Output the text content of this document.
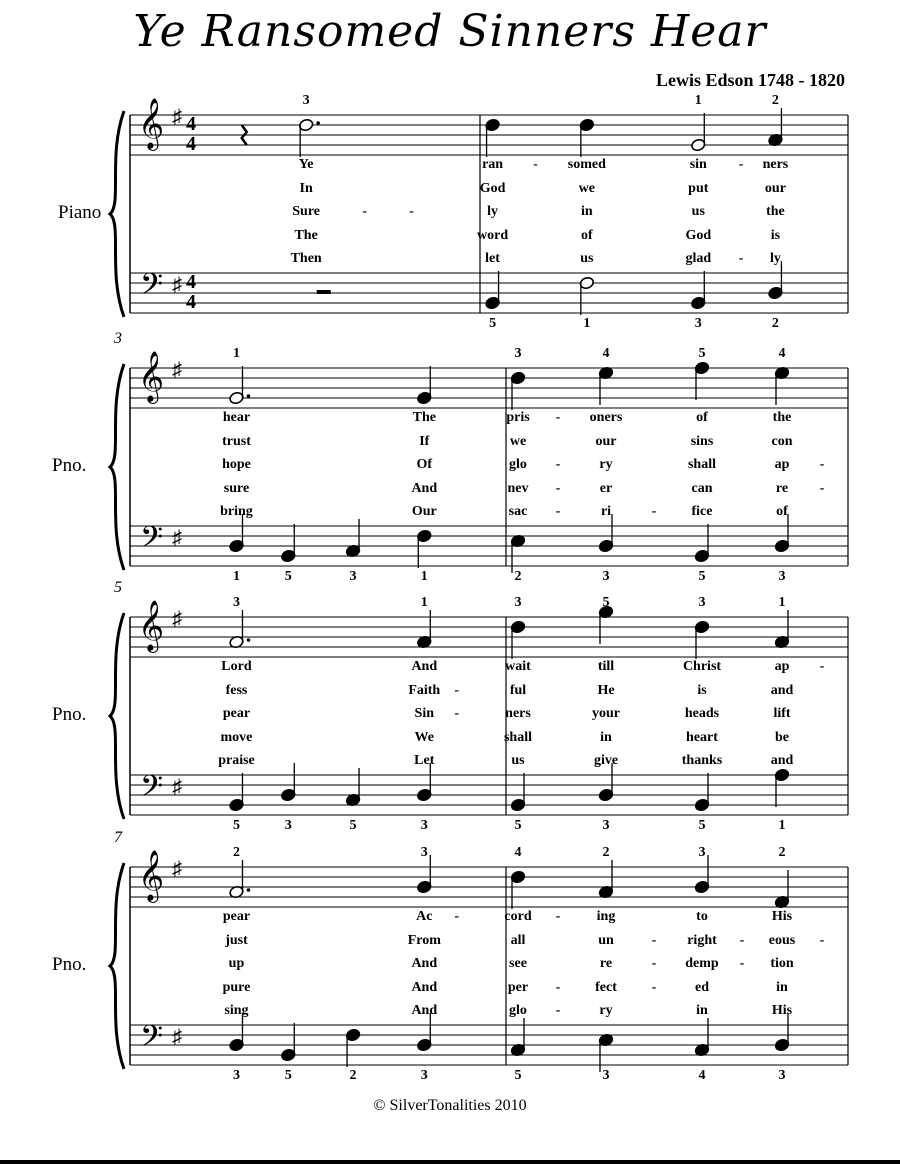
Ye Ransomed Sinners Hear
Lewis Edson 1748 - 1820
Piano
𝄞
𝄢
♯
♯
4
4
4
4
3	1	2
5	1	3	2
Ye	ran	-	somed	sin	-	ners
In	God	we	put	our
Sure	-	-	ly	in	us	the
The	word	of	God	is
Then	let	us	glad	-	ly
Pno.
3
𝄞
𝄢
♯
♯
1	3	4	5	4
1	5	3	1	2	3	5	3
hear	The	pris	-	oners	of	the
trust	If	we	our	sins	con
hope	Of	glo	-	ry	shall	ap	-
sure	And	nev	-	er	can	re	-
bring	Our	sac	-	ri	-	fice	of
Pno.
5
𝄞
𝄢
♯
♯
3	1	3	5	3	1
5	3	5	3	5	3	5	1
Lord	And	wait	till	Christ	ap	-
fess	Faith	-	ful	He	is	and
pear	Sin	-	ners	your	heads	lift
move	We	shall	in	heart	be
praise	Let	us	give	thanks	and
Pno.
7
𝄞
𝄢
♯
♯
2	3	4	2	3	2
3	5	2	3	5	3	4	3
pear	Ac	-	cord	-	ing	to	His
just	From	all	un	-	right	-	eous	-
up	And	see	re	-	demp	-	tion
pure	And	per	-	fect	-	ed	in
sing	And	glo	-	ry	in	His
© SilverTonalities 2010
